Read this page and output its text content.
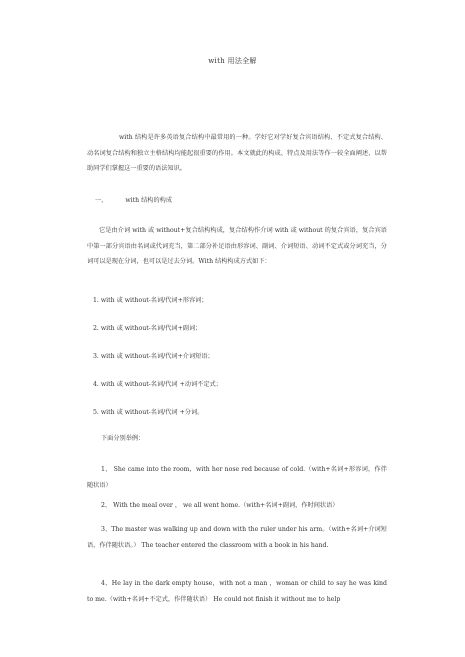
with 用法全解
with 结构是许多英语复合结构中最常用的一种。学好它对学好复合宾语结构、不定式复合结构、动名词复合结构和独立主格结构均能起很重要的作用。本文就此的构成、特点及用法等作一较全面阐述，以帮助同学们掌握这一重要的语法知识。
一、	with 结构的构成
它是由介词 with 或 without+复合结构构成，复合结构作介词 with 或 without 的复合宾语，复合宾语中第一部分宾语由名词或代词充当，第二部分补足语由形容词、副词、介词短语、动词不定式或分词充当，分词可以是现在分词，也可以是过去分词。With 结构构成方式如下：
1. with 或 without-名词/代词+形容词；
2. with 或 without-名词/代词+副词；
3. with 或 without-名词/代词+介词短语；
4. with 或 without-名词/代词 +动词不定式；
5. with 或 without-名词/代词 +分词。
下面分别举例：
1、 She came into the room，with her nose red because of cold.（with+名词+形容词，作伴随状语）
2、 With the meal over ， we all went home.（with+名词+副词，作时间状语）
3、The master was walking up and down with the ruler under his arm。（with+名词+介词短语，作伴随状语。） The teacher entered the classroom with a book in his hand.
4、He lay in the dark empty house，with not a man ，woman or child to say he was kind to me.（with+名词+不定式，作伴随状语） He could not finish it without me to help
